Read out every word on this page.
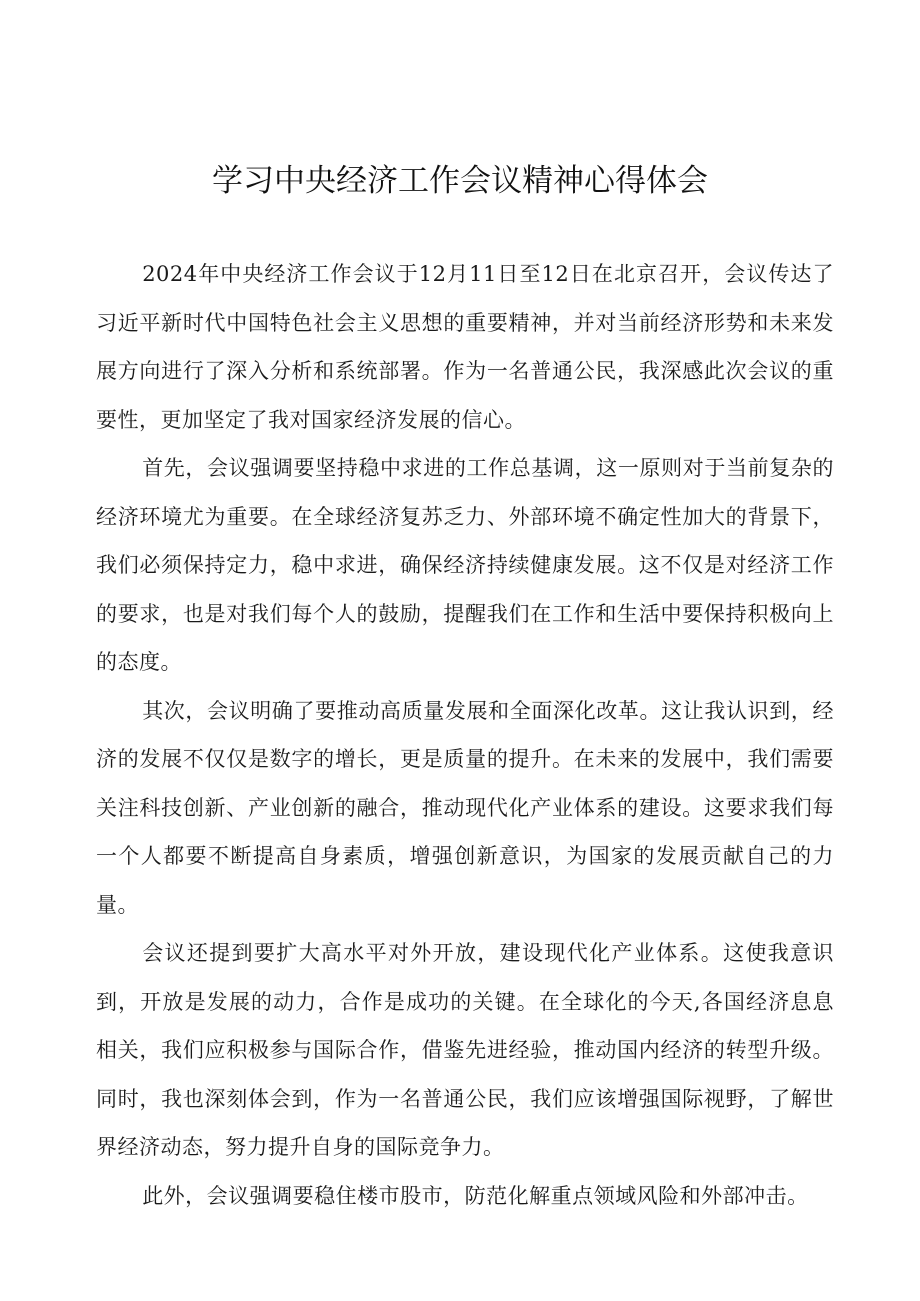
学习中央经济工作会议精神心得体会

2024年中央经济工作会议于12月11日至12日在北京召开，会议传达了习近平新时代中国特色社会主义思想的重要精神，并对当前经济形势和未来发展方向进行了深入分析和系统部署。作为一名普通公民，我深感此次会议的重要性，更加坚定了我对国家经济发展的信心。

首先，会议强调要坚持稳中求进的工作总基调，这一原则对于当前复杂的经济环境尤为重要。在全球经济复苏乏力、外部环境不确定性加大的背景下，我们必须保持定力，稳中求进，确保经济持续健康发展。这不仅是对经济工作的要求，也是对我们每个人的鼓励，提醒我们在工作和生活中要保持积极向上的态度。

其次，会议明确了要推动高质量发展和全面深化改革。这让我认识到，经济的发展不仅仅是数字的增长，更是质量的提升。在未来的发展中，我们需要关注科技创新、产业创新的融合，推动现代化产业体系的建设。这要求我们每一个人都要不断提高自身素质，增强创新意识，为国家的发展贡献自己的力量。

会议还提到要扩大高水平对外开放，建设现代化产业体系。这使我意识到，开放是发展的动力，合作是成功的关键。在全球化的今天,各国经济息息相关，我们应积极参与国际合作，借鉴先进经验，推动国内经济的转型升级。同时，我也深刻体会到，作为一名普通公民，我们应该增强国际视野，了解世界经济动态，努力提升自身的国际竞争力。

此外，会议强调要稳住楼市股市，防范化解重点领域风险和外部冲击。
